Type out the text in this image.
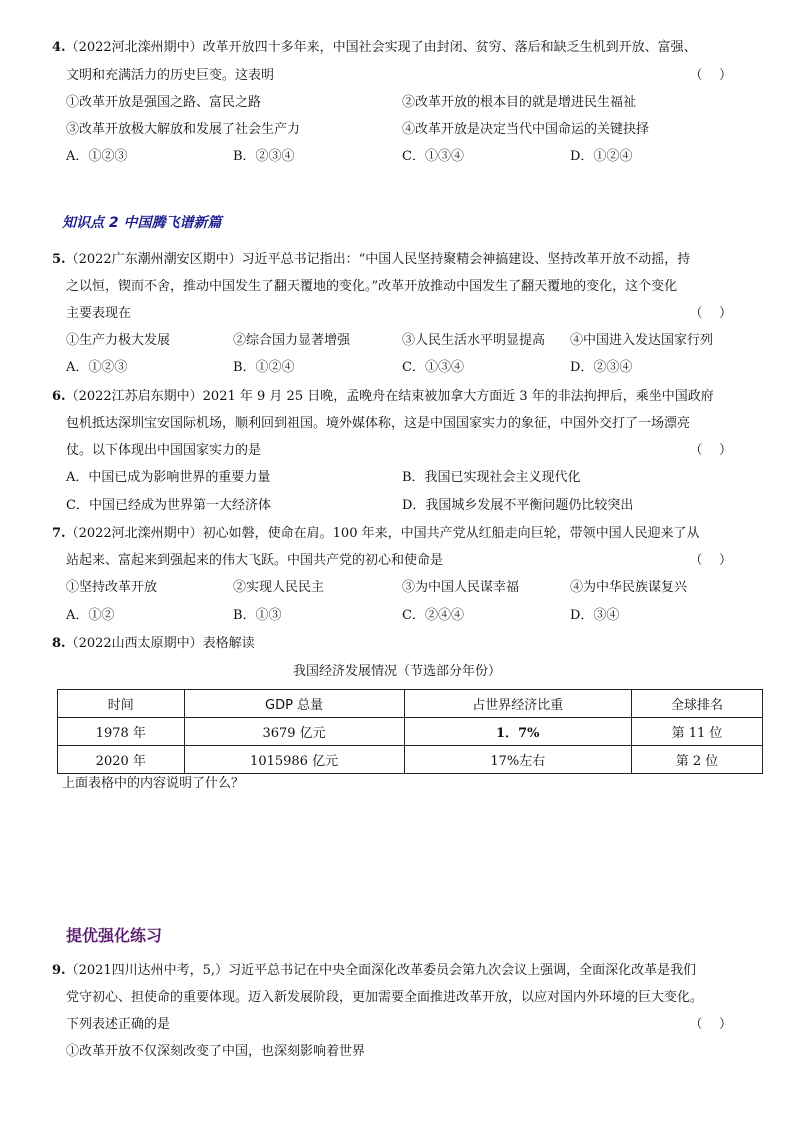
4.（2022河北滦州期中）改革开放四十多年来，中国社会实现了由封闭、贫穷、落后和缺乏生机到开放、富强、
文明和充满活力的历史巨变。这表明	（    ）
①改革开放是强国之路、富民之路	②改革开放的根本目的就是增进民生福祉
③改革开放极大解放和发展了社会生产力	④改革开放是决定当代中国命运的关键抉择
A．①②③	B．②③④	C．①③④	D．①②④
知识点 2 中国腾飞谱新篇
5.（2022广东潮州潮安区期中）习近平总书记指出：“中国人民坚持聚精会神搞建设、坚持改革开放不动摇，持
之以恒，锲而不舍，推动中国发生了翻天覆地的变化。”改革开放推动中国发生了翻天覆地的变化，这个变化
主要表现在	（    ）
①生产力极大发展	②综合国力显著增强	③人民生活水平明显提高 ④中国进入发达国家行列
A．①②③	B．①②④	C．①③④	D．②③④
6.（2022江苏启东期中）2021 年 9 月 25 日晚，孟晚舟在结束被加拿大方面近 3 年的非法拘押后，乘坐中国政府
包机抵达深圳宝安国际机场，顺利回到祖国。境外媒体称，这是中国国家实力的象征，中国外交打了一场漂亮
仗。以下体现出中国国家实力的是	（    ）
A．中国已成为影响世界的重要力量	B．我国已实现社会主义现代化
C．中国已经成为世界第一大经济体	D．我国城乡发展不平衡问题仍比较突出
7.（2022河北滦州期中）初心如磐，使命在肩。100 年来，中国共产党从红船走向巨轮，带领中国人民迎来了从
站起来、富起来到强起来的伟大飞跃。中国共产党的初心和使命是	（    ）
①坚持改革开放	②实现人民民主	③为中国人民谋幸福	④为中华民族谋复兴
A．①②	B．①③	C．②④④	D．③④
8.（2022山西太原期中）表格解读
我国经济发展情况（节选部分年份）
时间	GDP 总量	占世界经济比重	全球排名
1978 年	3679 亿元	1．7%	第 11 位
2020 年	1015986 亿元	17%左右	第 2 位
上面表格中的内容说明了什么？
提优强化练习
9.（2021四川达州中考，5,）习近平总书记在中央全面深化改革委员会第九次会议上强调，全面深化改革是我们
党守初心、担使命的重要体现。迈入新发展阶段，更加需要全面推进改革开放，以应对国内外环境的巨大变化。
下列表述正确的是	（    ）
①改革开放不仅深刻改变了中国，也深刻影响着世界
